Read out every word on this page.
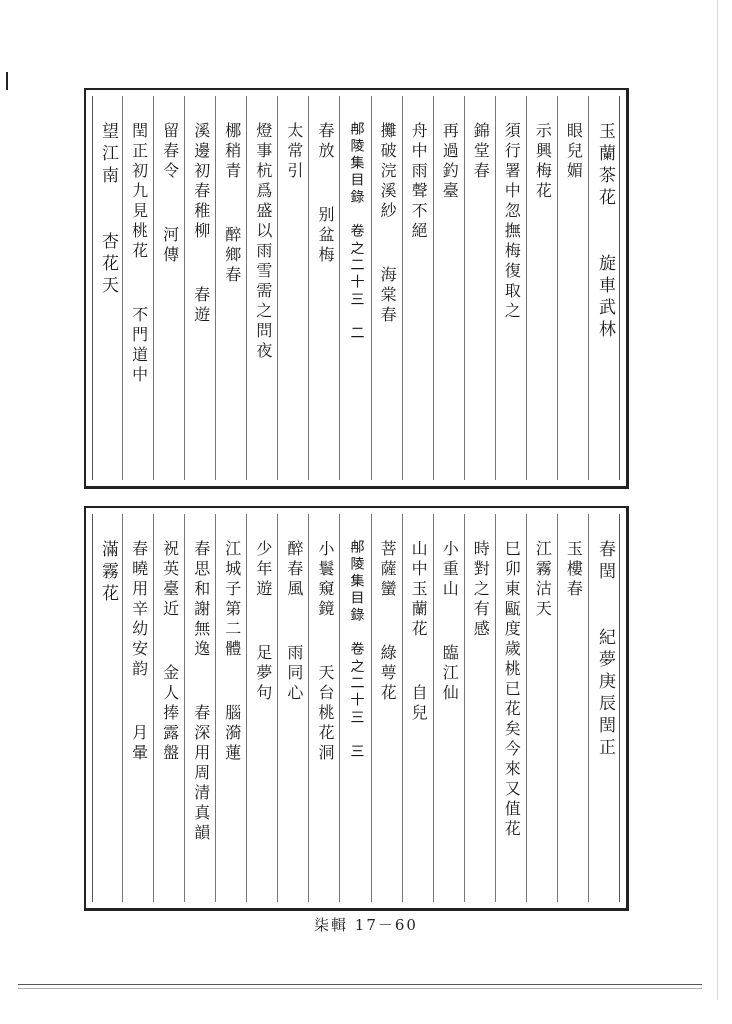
玉蘭茶花
旋車武林
眼兒媚
示興梅花
須行署中忽撫梅復取之
錦堂春
再過釣臺
舟中雨聲不絕
攤破浣溪紗
海棠春
𨚗陵集目錄　卷之二十三　二
春放
别盆梅
太常引
燈事杭爲盛以雨雪需之問夜
梛稍青
醉鄉春
溪邊初春稚柳
春遊
留春令
河傳
閏正初九見桃花
不門道中
望江南
杏花天
春閏
紀夢庚辰閏正
玉樓春
江霧沽天
巳卯東甌度歲桃已花矣今來又值花
時對之有感
小重山
臨江仙
山中玉蘭花
自兒
菩薩蠻
綠萼花
𨚗陵集目錄　卷之二十三　三
小鬟窺鏡
天台桃花洞
醉春風
雨同心
少年遊
足夢句
江城子第二體
腦漪蓮
春思和謝無逸
春深用周清真韻
祝英臺近
金人捧露盤
春曉用辛幼安韵
月暈
滿霧花
柒輯 17－60
